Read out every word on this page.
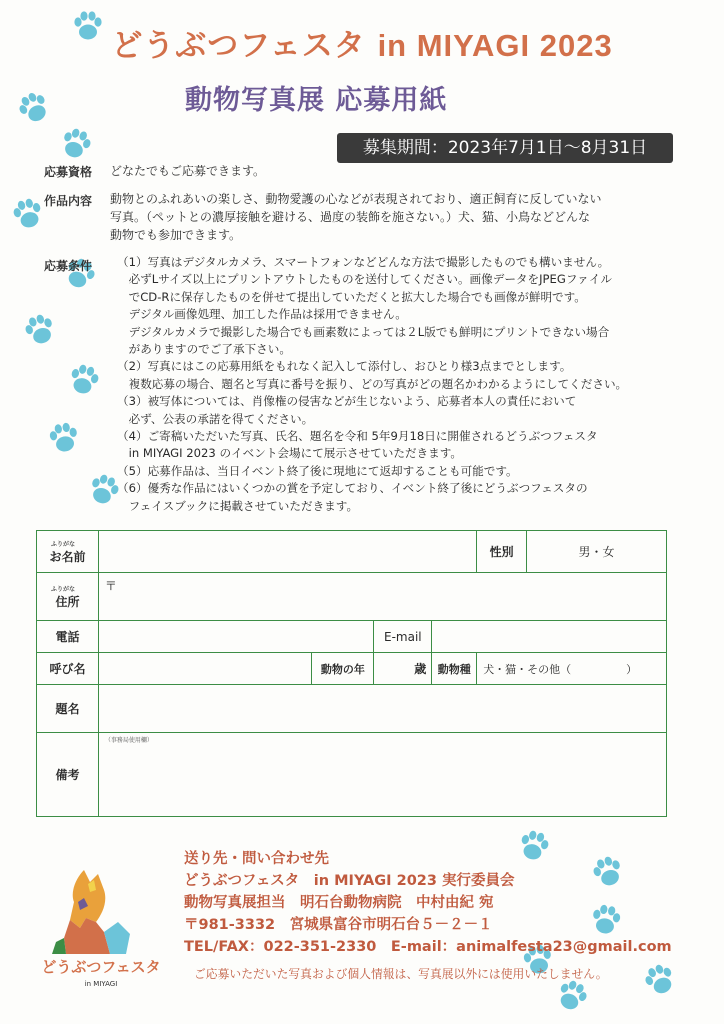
どうぶつフェスタ in MIYAGI 2023
動物写真展 応募用紙
募集期間：2023年7月1日～8月31日
応募資格 どなたでもご応募できます。
作品内容 動物とのふれあいの楽しさ、動物愛護の心などが表現されており、適正飼育に反していない
写真。（ペットとの濃厚接触を避ける、過度の装飾を施さない。）犬、猫、小鳥などどんな
動物でも参加できます。
応募条件 （1）写真はデジタルカメラ、スマートフォンなどどんな方法で撮影したものでも構いません。
　必ずLサイズ以上にプリントアウトしたものを送付してください。画像データをJPEGファイル
　でCD-Rに保存したものを併せて提出していただくと拡大した場合でも画像が鮮明です。
　デジタル画像処理、加工した作品は採用できません。
　デジタルカメラで撮影した場合でも画素数によっては２L版でも鮮明にプリントできない場合
　がありますのでご了承下さい。
（2）写真にはこの応募用紙をもれなく記入して添付し、おひとり様3点までとします。
　複数応募の場合、題名と写真に番号を振り、どの写真がどの題名かわかるようにしてください。
（3）被写体については、肖像権の侵害などが生じないよう、応募者本人の責任において
　必ず、公表の承諾を得てください。
（4）ご寄稿いただいた写真、氏名、題名を令和 5年9月18日に開催されるどうぶつフェスタ
　in MIYAGI 2023 のイベント会場にて展示させていただきます。
（5）応募作品は、当日イベント終了後に現地にて返却することも可能です。
（6）優秀な作品にはいくつかの賞を予定しており、イベント終了後にどうぶつフェスタの
　フェイスブックに掲載させていただきます。
ふりがな
お名前					性別	男・女

ふりがな
住所	〒					
電話			E-mail			
呼び名		動物の年	歳	動物種	犬・猫・その他（　　　　　）	
題名						
備考	（事務局使用欄）					
どうぶつフェスタ
in MIYAGI
送り先・問い合わせ先
どうぶつフェスタ　in MIYAGI 2023 実行委員会
動物写真展担当　明石台動物病院　中村由紀 宛
〒981-3332　宮城県富谷市明石台５－２－１
TEL/FAX：022-351-2330　E-mail：animalfesta23@gmail.com
ご応募いただいた写真および個人情報は、写真展以外には使用いたしません。
